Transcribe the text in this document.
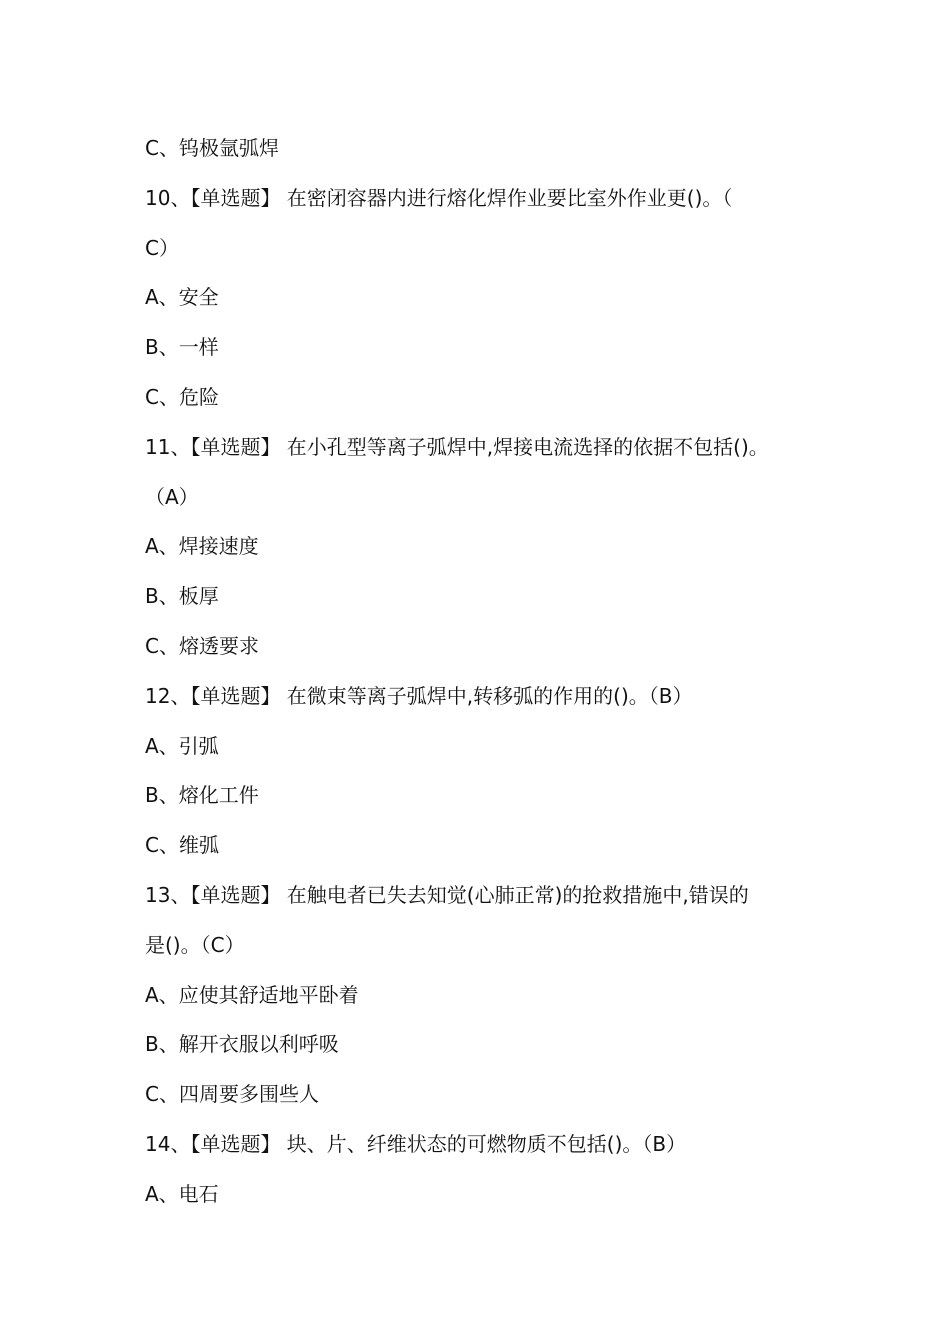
C、钨极氩弧焊
10、【单选题】 在密闭容器内进行熔化焊作业要比室外作业更()。（
C）
A、安全
B、一样
C、危险
11、【单选题】 在小孔型等离子弧焊中,焊接电流选择的依据不包括()。
（A）
A、焊接速度
B、板厚
C、熔透要求
12、【单选题】 在微束等离子弧焊中,转移弧的作用的()。（B）
A、引弧
B、熔化工件
C、维弧
13、【单选题】 在触电者已失去知觉(心肺正常)的抢救措施中,错误的
是()。（C）
A、应使其舒适地平卧着
B、解开衣服以利呼吸
C、四周要多围些人
14、【单选题】 块、片、纤维状态的可燃物质不包括()。（B）
A、电石
